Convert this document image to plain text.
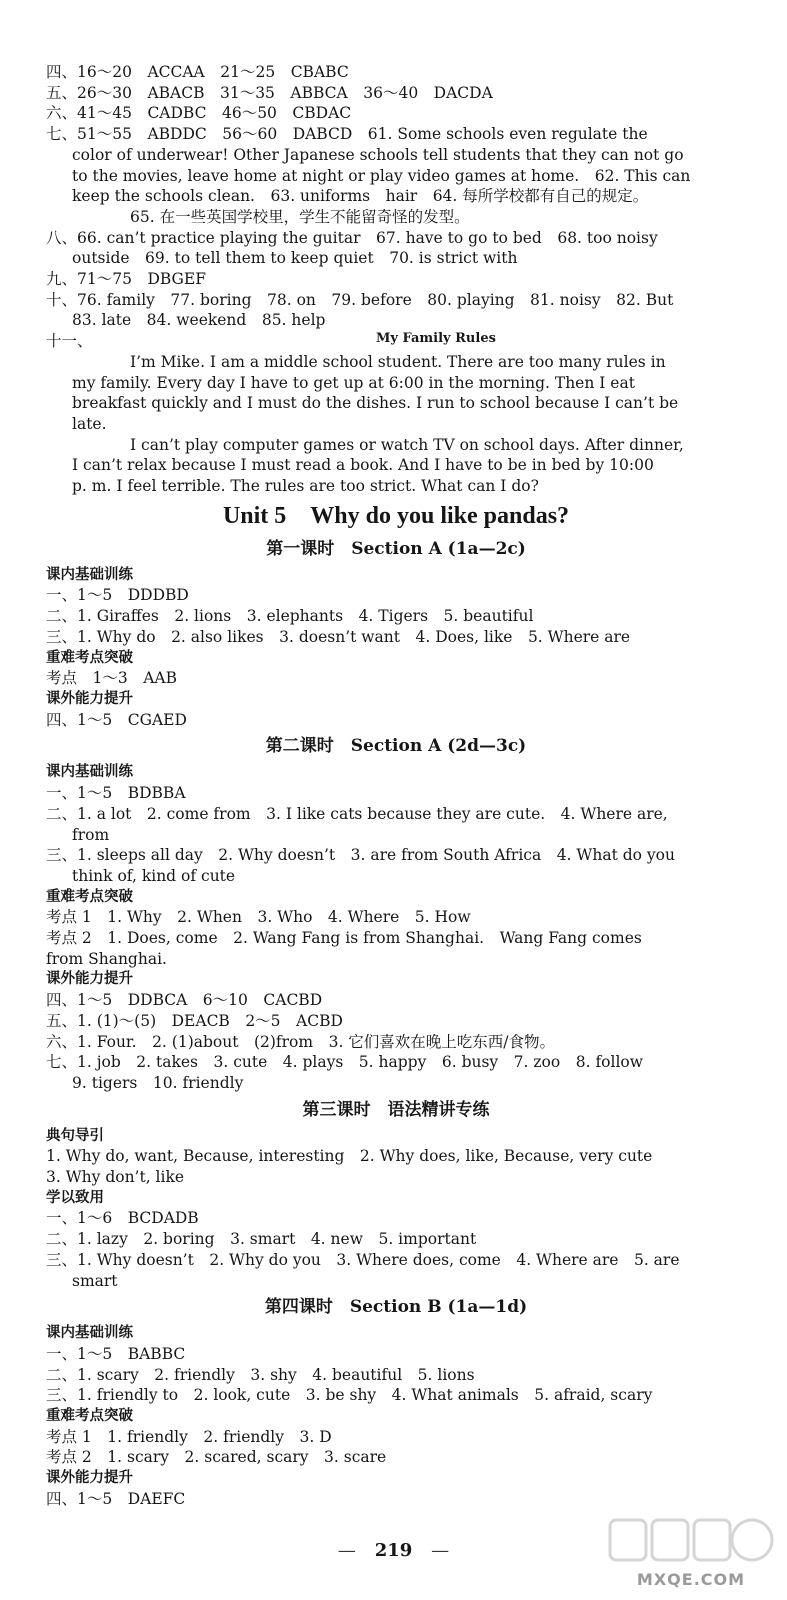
四、16～20　ACCAA　21～25　CBABC

五、26～30　ABACB　31～35　ABBCA　36～40　DACDA

六、41～45　CADBC　46～50　CBDAC

七、51～55　ABDDC　56～60　DABCD　61. Some schools even regulate the

color of underwear! Other Japanese schools tell students that they can not go

to the movies, leave home at night or play video games at home.　62. This can

keep the schools clean.　63. uniforms　hair　64. 每所学校都有自己的规定。

65. 在一些英国学校里，学生不能留奇怪的发型。

八、66. can’t practice playing the guitar　67. have to go to bed　68. too noisy

outside　69. to tell them to keep quiet　70. is strict with

九、71～75　DBGEF

十、76. family　77. boring　78. on　79. before　80. playing　81. noisy　82. But

83. late　84. weekend　85. help

十一、	My Family Rules

I’m Mike. I am a middle school student. There are too many rules in

my family. Every day I have to get up at 6:00 in the morning. Then I eat

breakfast quickly and I must do the dishes. I run to school because I can’t be

late.

I can’t play computer games or watch TV on school days. After dinner,

I can’t relax because I must read a book. And I have to be in bed by 10:00

p. m. I feel terrible. The rules are too strict. What can I do?

Unit 5　Why do you like pandas?
第一课时　Section A (1a—2c)

课内基础训练

一、1～5　DDDBD

二、1. Giraffes　2. lions　3. elephants　4. Tigers　5. beautiful

三、1. Why do　2. also likes　3. doesn’t want　4. Does, like　5. Where are

重难考点突破

考点　1～3　AAB

课外能力提升

四、1～5　CGAED

第二课时　Section A (2d—3c)

课内基础训练

一、1～5　BDBBA

二、1. a lot　2. come from　3. I like cats because they are cute.　4. Where are,

from

三、1. sleeps all day　2. Why doesn’t　3. are from South Africa　4. What do you

think of, kind of cute

重难考点突破

考点 1　1. Why　2. When　3. Who　4. Where　5. How

考点 2　1. Does, come　2. Wang Fang is from Shanghai.　Wang Fang comes

from Shanghai.

课外能力提升

四、1～5　DDBCA　6～10　CACBD

五、1. (1)～(5)　DEACB　2～5　ACBD

六、1. Four.　2. (1)about　(2)from　3. 它们喜欢在晚上吃东西/食物。

七、1. job　2. takes　3. cute　4. plays　5. happy　6. busy　7. zoo　8. follow

9. tigers　10. friendly

第三课时　语法精讲专练

典句导引

1. Why do, want, Because, interesting　2. Why does, like, Because, very cute

3. Why don’t, like

学以致用

一、1～6　BCDADB

二、1. lazy　2. boring　3. smart　4. new　5. important

三、1. Why doesn’t　2. Why do you　3. Where does, come　4. Where are　5. are

smart

第四课时　Section B (1a—1d)

课内基础训练

一、1～5　BABBC

二、1. scary　2. friendly　3. shy　4. beautiful　5. lions

三、1. friendly to　2. look, cute　3. be shy　4. What animals　5. afraid, scary

重难考点突破

考点 1　1. friendly　2. friendly　3. D

考点 2　1. scary　2. scared, scary　3. scare

课外能力提升

四、1～5　DAEFC

— 219 —
MXQE.COM
